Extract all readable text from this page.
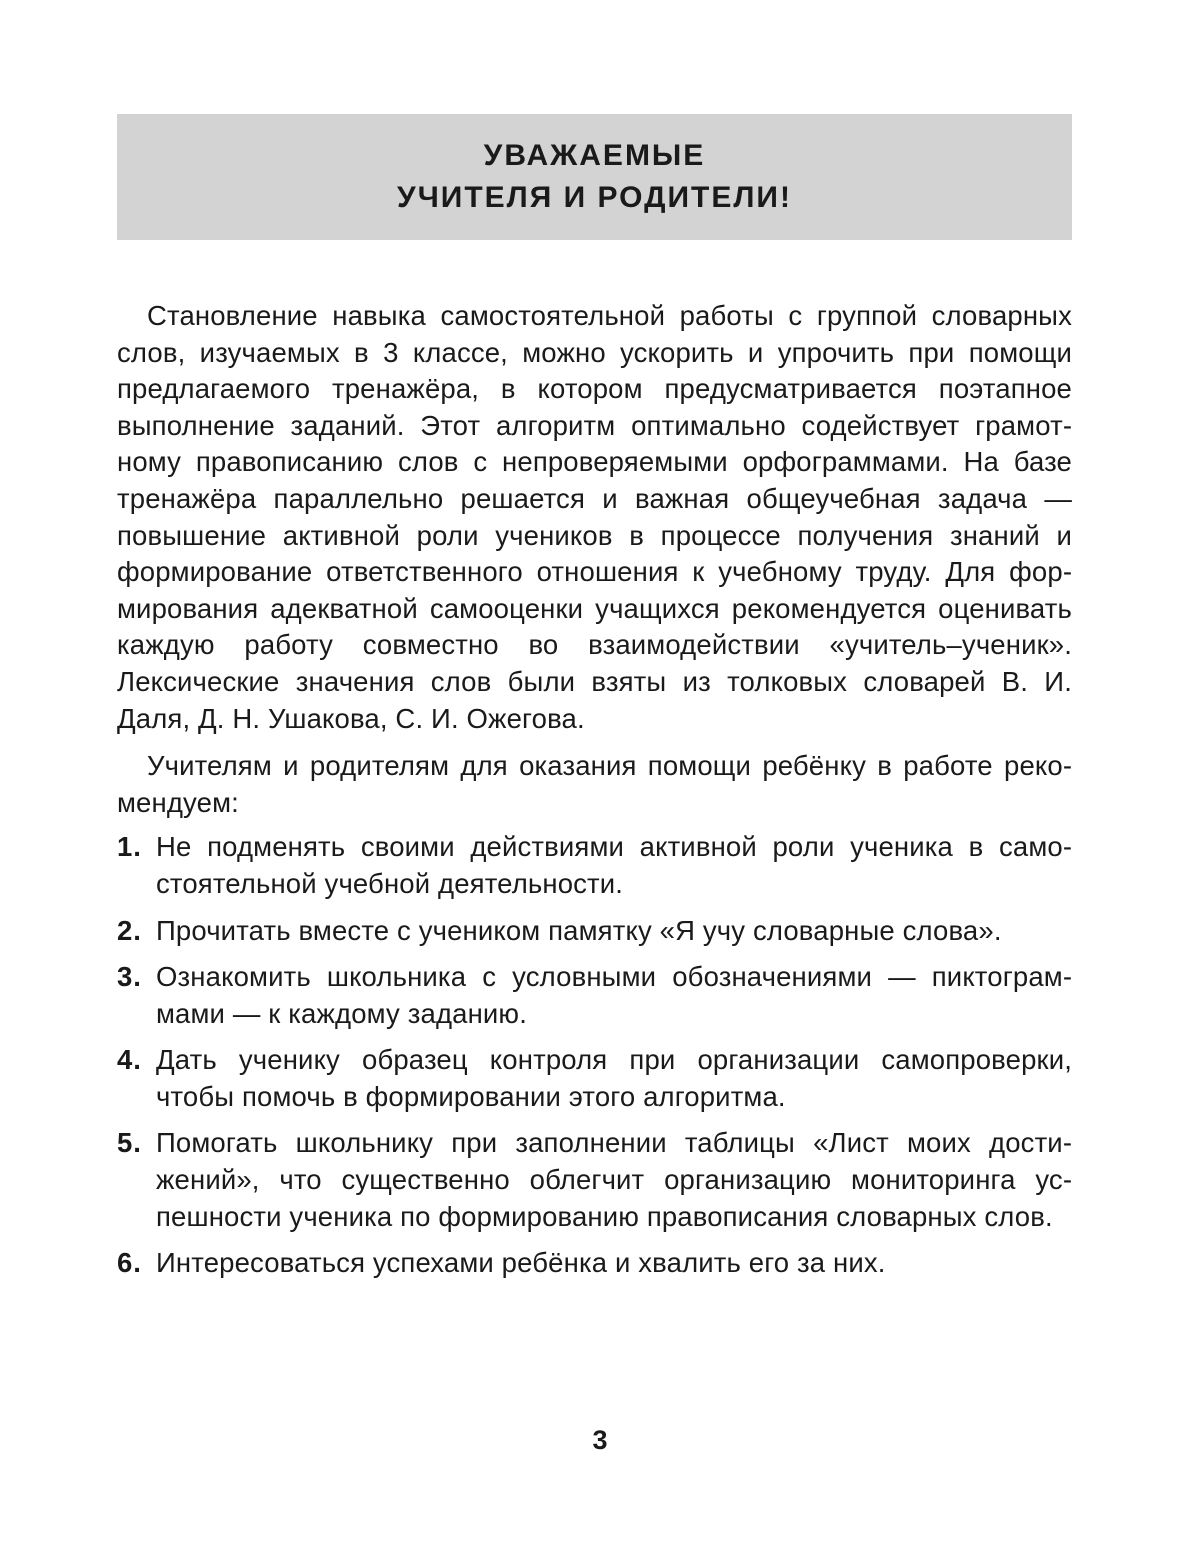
УВАЖАЕМЫЕ
УЧИТЕЛЯ И РОДИТЕЛИ!

Становление навыка самостоятельной работы с группой словарных слов, изучаемых в 3 классе, можно ускорить и упрочить при помощи предлагаемого тренажёра, в котором предусматривается поэтапное выполнение заданий. Этот алгоритм оптимально содействует грамотному правописанию слов с непроверяемыми орфограммами. На базе тренажёра параллельно решается и важная общеучебная задача — повышение активной роли учеников в процессе получения знаний и формирование ответственного отношения к учебному труду. Для формирования адекватной самооценки учащихся рекомендуется оценивать каждую работу совместно во взаимодействии «учитель–ученик». Лексические значения слов были взяты из толковых словарей В. И. Даля, Д. Н. Ушакова, С. И. Ожегова.

Учителям и родителям для оказания помощи ребёнку в работе рекомендуем:

1. Не подменять своими действиями активной роли ученика в самостоятельной учебной деятельности.
2. Прочитать вместе с учеником памятку «Я учу словарные слова».
3. Ознакомить школьника с условными обозначениями — пиктограммами — к каждому заданию.
4. Дать ученику образец контроля при организации самопроверки, чтобы помочь в формировании этого алгоритма.
5. Помогать школьнику при заполнении таблицы «Лист моих достижений», что существенно облегчит организацию мониторинга успешности ученика по формированию правописания словарных слов.
6. Интересоваться успехами ребёнка и хвалить его за них.
3
